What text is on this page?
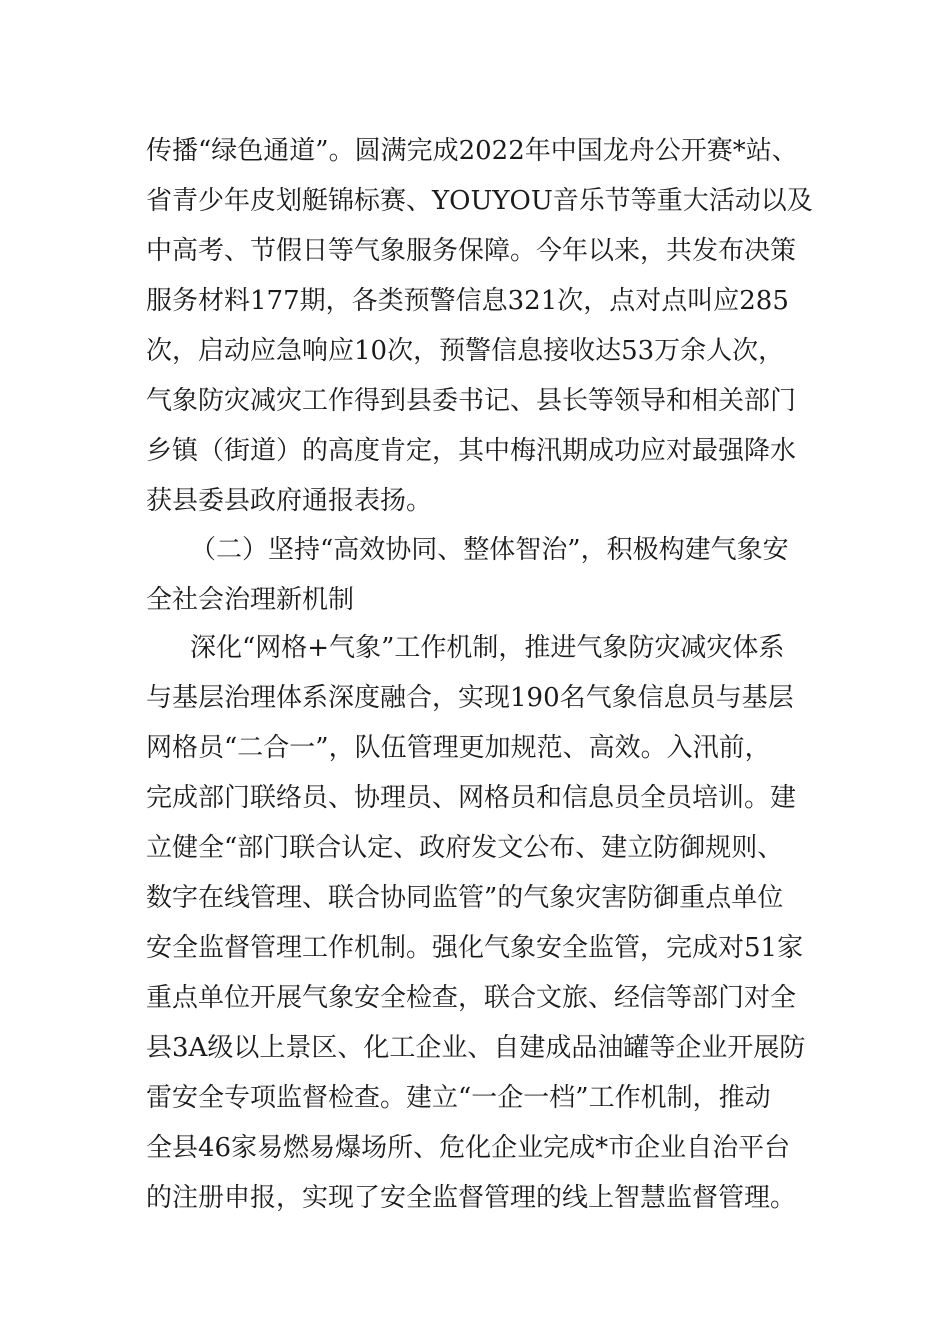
传播“绿色通道”。圆满完成2022年中国龙舟公开赛*站、
省青少年皮划艇锦标赛、YOUYOU音乐节等重大活动以及
中高考、节假日等气象服务保障。今年以来，共发布决策
服务材料177期，各类预警信息321次，点对点叫应285
次，启动应急响应10次，预警信息接收达53万余人次，
气象防灾减灾工作得到县委书记、县长等领导和相关部门
乡镇（街道）的高度肯定，其中梅汛期成功应对最强降水
获县委县政府通报表扬。
（二）坚持“高效协同、整体智治”，积极构建气象安
全社会治理新机制
深化“网格+气象”工作机制，推进气象防灾减灾体系
与基层治理体系深度融合，实现190名气象信息员与基层
网格员“二合一”，队伍管理更加规范、高效。入汛前，
完成部门联络员、协理员、网格员和信息员全员培训。建
立健全“部门联合认定、政府发文公布、建立防御规则、
数字在线管理、联合协同监管”的气象灾害防御重点单位
安全监督管理工作机制。强化气象安全监管，完成对51家
重点单位开展气象安全检查，联合文旅、经信等部门对全
县3A级以上景区、化工企业、自建成品油罐等企业开展防
雷安全专项监督检查。建立“一企一档”工作机制，推动
全县46家易燃易爆场所、危化企业完成*市企业自治平台
的注册申报，实现了安全监督管理的线上智慧监督管理。
